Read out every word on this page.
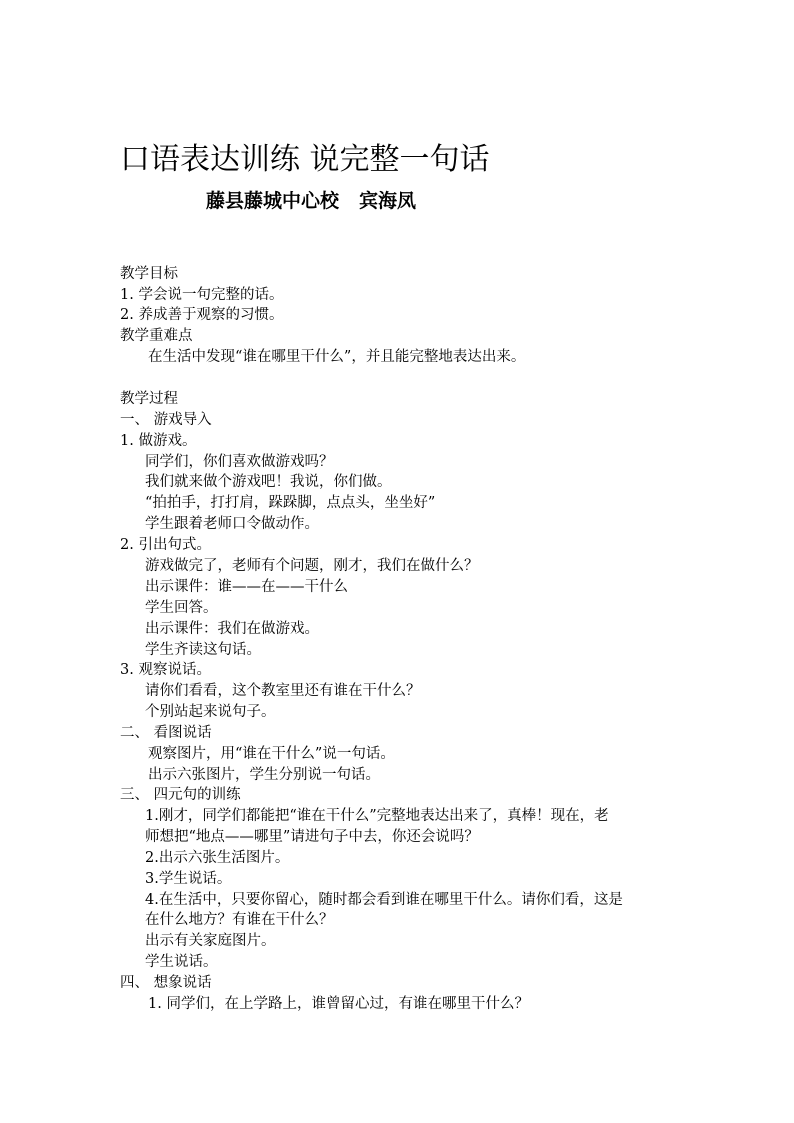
口语表达训练 说完整一句话
藤县藤城中心校 宾海凤
教学目标
1. 学会说一句完整的话。
2. 养成善于观察的习惯。
教学重难点
在生活中发现“谁在哪里干什么”，并且能完整地表达出来。
教学过程
一、 游戏导入
1. 做游戏。
同学们，你们喜欢做游戏吗？
我们就来做个游戏吧！我说，你们做。
“拍拍手，打打肩，跺跺脚，点点头，坐坐好”
学生跟着老师口令做动作。
2. 引出句式。
游戏做完了，老师有个问题，刚才，我们在做什么？
出示课件：谁——在——干什么
学生回答。
出示课件：我们在做游戏。
学生齐读这句话。
3. 观察说话。
请你们看看，这个教室里还有谁在干什么？
个别站起来说句子。
二、 看图说话
观察图片，用“谁在干什么”说一句话。
出示六张图片，学生分别说一句话。
三、 四元句的训练
1.刚才，同学们都能把“谁在干什么”完整地表达出来了，真棒！现在，老
师想把“地点——哪里”请进句子中去，你还会说吗？
2.出示六张生活图片。
3.学生说话。
4.在生活中，只要你留心，随时都会看到谁在哪里干什么。请你们看，这是
在什么地方？有谁在干什么？
出示有关家庭图片。
学生说话。
四、 想象说话
1. 同学们，在上学路上，谁曾留心过，有谁在哪里干什么？
